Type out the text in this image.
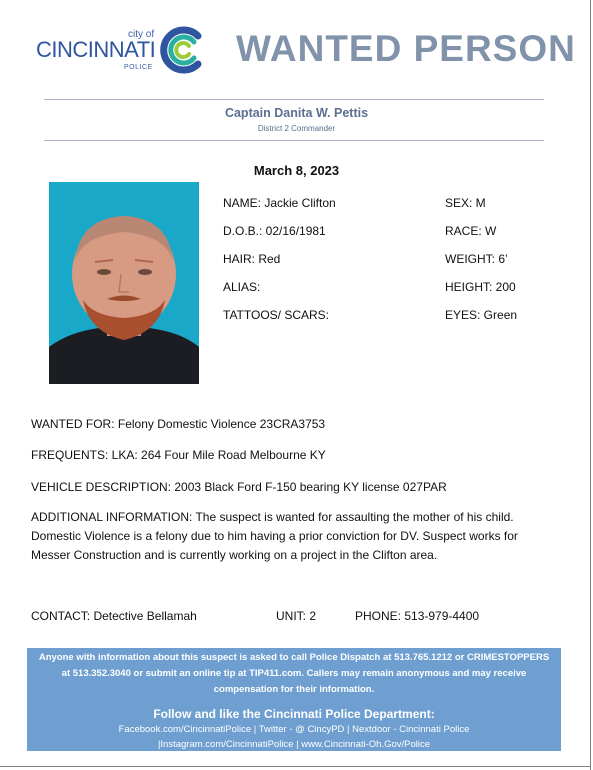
city of
CINCINNATI
POLICE WANTED PERSON
Captain Danita W. Pettis
District 2 Commander
March 8, 2023
NAME: Jackie Clifton
D.O.B.: 02/16/1981
HAIR: Red
ALIAS:
TATTOOS/ SCARS:
SEX: M
RACE: W
WEIGHT: 6’
HEIGHT: 200
EYES: Green
WANTED FOR: Felony Domestic Violence 23CRA3753
FREQUENTS: LKA: 264 Four Mile Road Melbourne KY
VEHICLE DESCRIPTION: 2003 Black Ford F-150 bearing KY license 027PAR
ADDITIONAL INFORMATION: The suspect is wanted for assaulting the mother of his child. Domestic Violence is a felony due to him having a prior conviction for DV. Suspect works for Messer Construction and is currently working on a project in the Clifton area.
CONTACT: Detective Bellamah	UNIT: 2	PHONE: 513-979-4400
Anyone with information about this suspect is asked to call Police Dispatch at 513.765.1212 or CRIMESTOPPERS at 513.352.3040 or submit an online tip at TIP411.com. Callers may remain anonymous and may receive compensation for their information.
Follow and like the Cincinnati Police Department:
Facebook.com/CincinnatiPolice | Twitter - @ CincyPD | Nextdoor - Cincinnati Police |Instagram.com/CincinnatiPolice | www.Cincinnati-Oh.Gov/Police
